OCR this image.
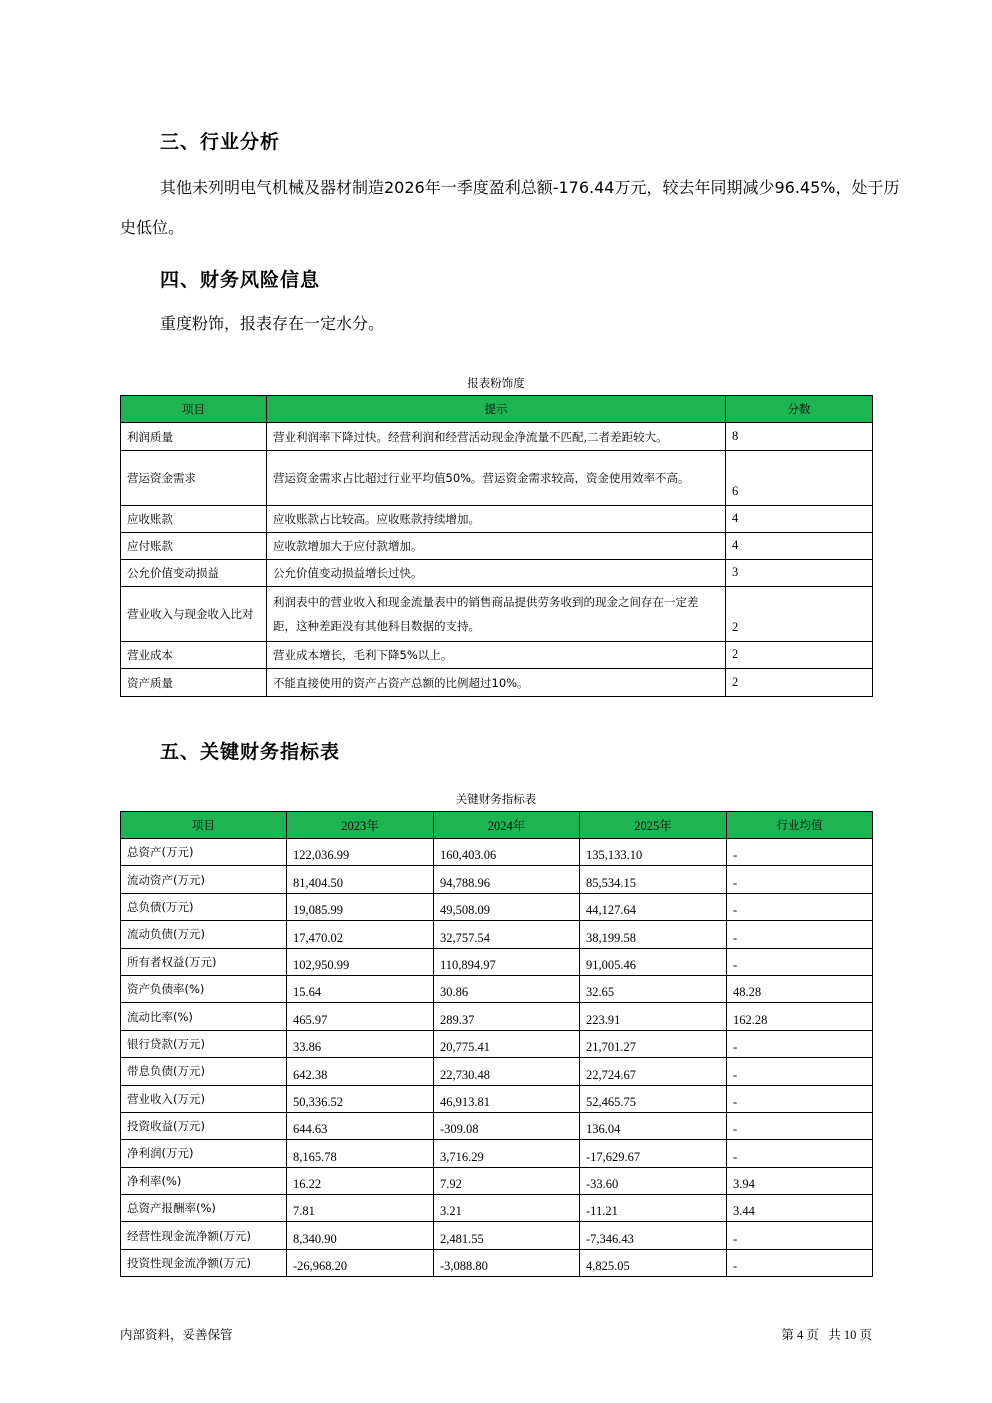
三、行业分析

其他未列明电气机械及器材制造2026年一季度盈利总额-176.44万元，较去年同期减少96.45%，处于历史低位。

四、财务风险信息

重度粉饰，报表存在一定水分。

报表粉饰度
项目	提示	分数
利润质量	营业利润率下降过快。经营利润和经营活动现金净流量不匹配,二者差距较大。	8
营运资金需求	营运资金需求占比超过行业平均值50%。营运资金需求较高，资金使用效率不高。	6
应收账款	应收账款占比较高。应收账款持续增加。	4
应付账款	应收款增加大于应付款增加。	4
公允价值变动损益	公允价值变动损益增长过快。	3
营业收入与现金收入比对	利润表中的营业收入和现金流量表中的销售商品提供劳务收到的现金之间存在一定差距，这种差距没有其他科目数据的支持。	2
营业成本	营业成本增长，毛利下降5%以上。	2
资产质量	不能直接使用的资产占资产总额的比例超过10%。	2
五、关键财务指标表
关键财务指标表
项目	2023年	2024年	2025年	行业均值
总资产(万元)	122,036.99	160,403.06	135,133.10	-
流动资产(万元)	81,404.50	94,788.96	85,534.15	-
总负债(万元)	19,085.99	49,508.09	44,127.64	-
流动负债(万元)	17,470.02	32,757.54	38,199.58	-
所有者权益(万元)	102,950.99	110,894.97	91,005.46	-
资产负债率(%)	15.64	30.86	32.65	48.28
流动比率(%)	465.97	289.37	223.91	162.28
银行贷款(万元)	33.86	20,775.41	21,701.27	-
带息负债(万元)	642.38	22,730.48	22,724.67	-
营业收入(万元)	50,336.52	46,913.81	52,465.75	-
投资收益(万元)	644.63	-309.08	136.04	-
净利润(万元)	8,165.78	3,716.29	-17,629.67	-
净利率(%)	16.22	7.92	-33.60	3.94
总资产报酬率(%)	7.81	3.21	-11.21	3.44
经营性现金流净额(万元)	8,340.90	2,481.55	-7,346.43	-
投资性现金流净额(万元)	-26,968.20	-3,088.80	4,825.05	-
内部资料，妥善保管	第 4 页   共 10 页
